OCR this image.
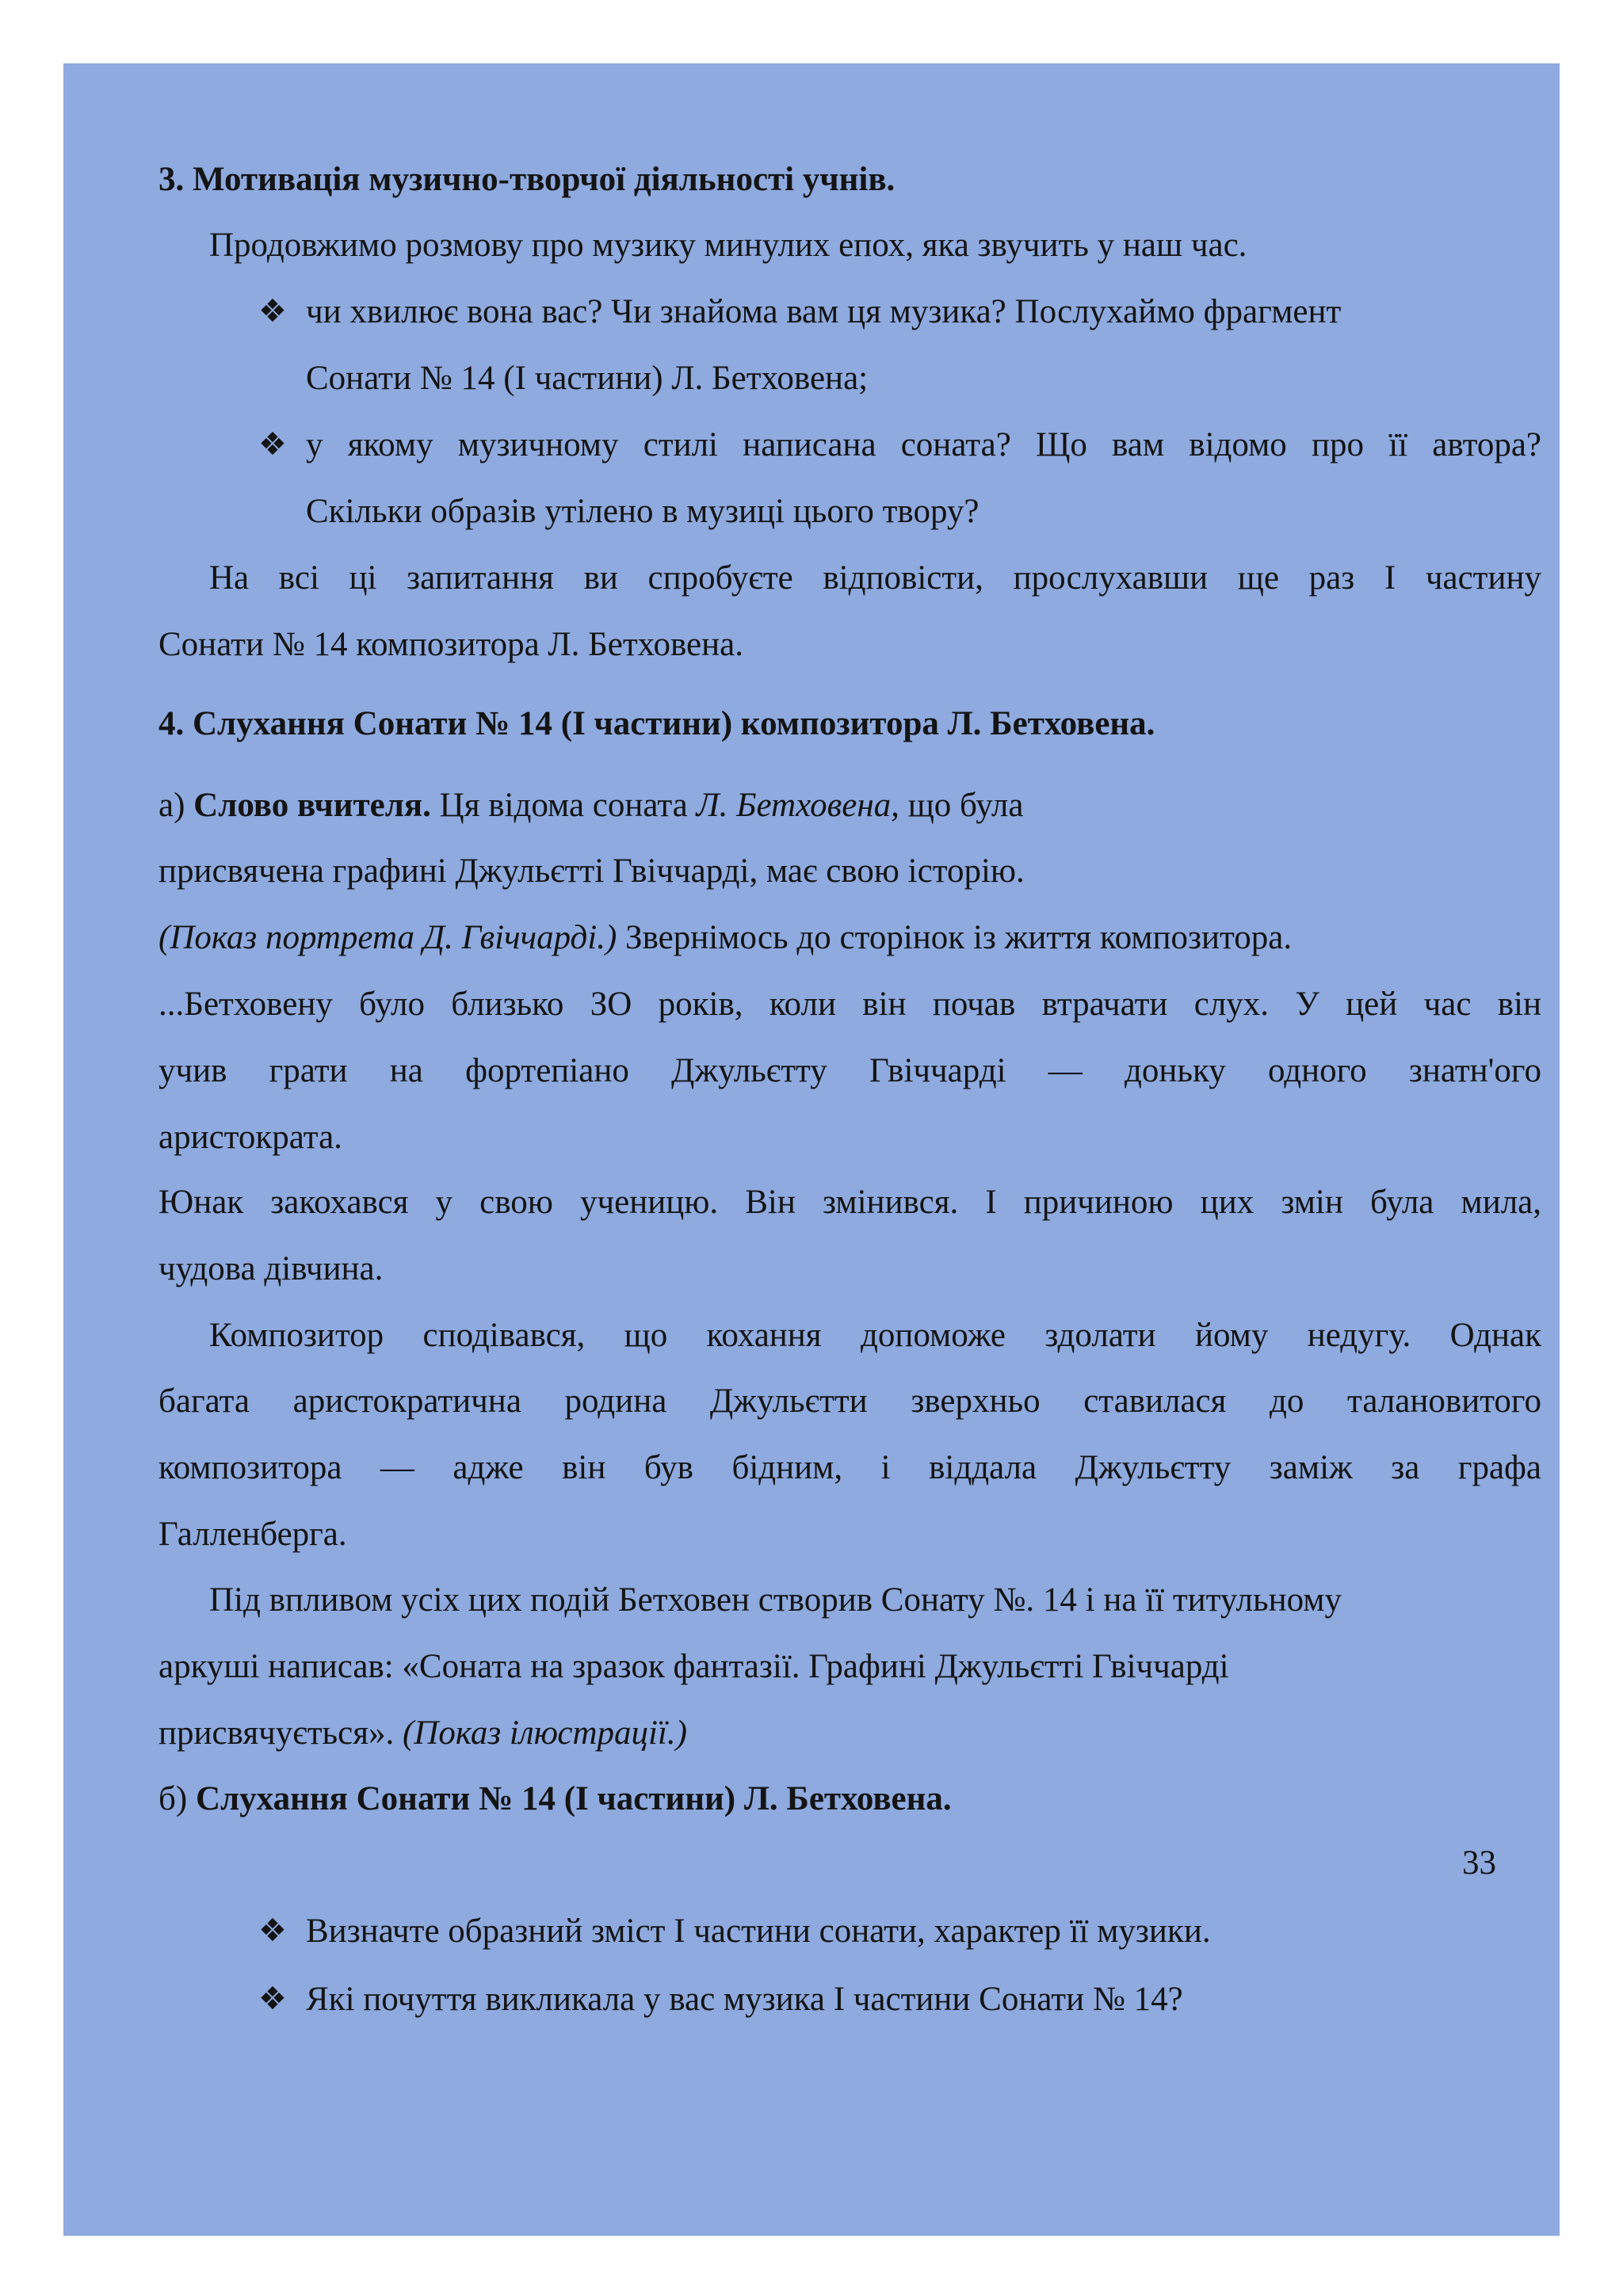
3. Мотивація музично-творчої діяльності учнів.
Продовжимо розмову про музику минулих епох, яка звучить у наш час.
❖ чи хвилює вона вас? Чи знайома вам ця музика? Послухаймо фрагмент
Сонати № 14 (І частини) Л. Бетховена;
❖ у якому музичному стилі написана соната? Що вам відомо про її автора?
Скільки образів утілено в музиці цього твору?
На всі ці запитання ви спробуєте відповісти, прослухавши ще раз І частину
Сонати № 14 композитора Л. Бетховена.
4. Слухання Сонати № 14 (І частини) композитора Л. Бетховена.
а) Слово вчителя. Ця відома соната Л. Бетховена, що була
присвячена графині Джульєтті Гвіччарді, має свою історію.
(Показ портрета Д. Гвіччарді.) Звернімось до сторінок із життя композитора.
...Бетховену було близько ЗО років, коли він почав втрачати слух. У цей час він
учив грати на фортепіано Джульєтту Гвіччарді — доньку одного знатн'ого
аристократа.
Юнак закохався у свою ученицю. Він змінився. І причиною цих змін була мила,
чудова дівчина.
Композитор сподівався, що кохання допоможе здолати йому недугу. Однак
багата аристократична родина Джульєтти зверхньо ставилася до талановитого
композитора — адже він був бідним, і віддала Джульєтту заміж за графа
Галленберга.
Під впливом усіх цих подій Бетховен створив Сонату №. 14 і на її титульному
аркуші написав: «Соната на зразок фантазії. Графині Джульєтті Гвіччарді
присвячується». (Показ ілюстрації.)
б) Слухання Сонати № 14 (І частини) Л. Бетховена.
33
❖ Визначте образний зміст І частини сонати, характер її музики.
❖ Які почуття викликала у вас музика І частини Сонати № 14?
